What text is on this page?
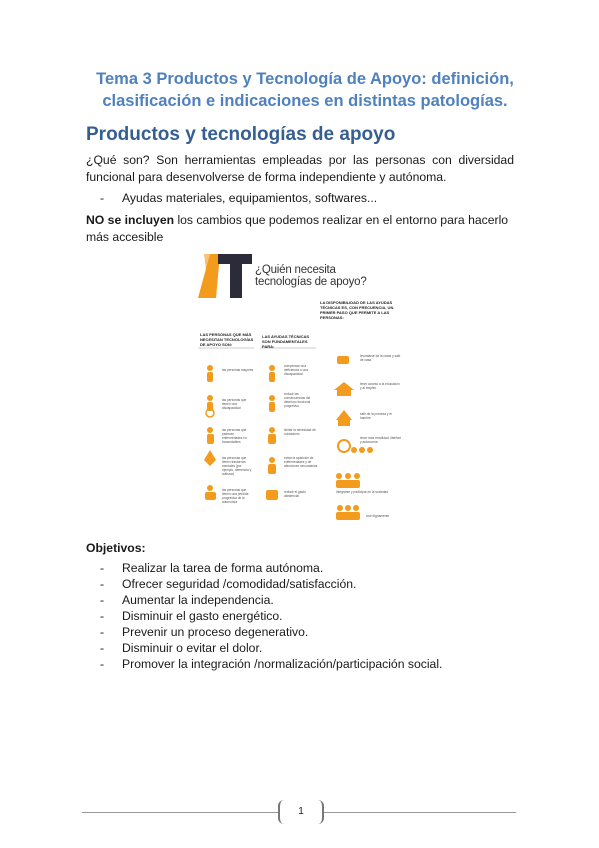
Tema 3 Productos y Tecnología de Apoyo: definición,
clasificación e indicaciones en distintas patologías.
Productos y tecnologías de apoyo
¿Qué son? Son herramientas empleadas por las personas con diversidad
funcional para desenvolverse de forma independiente y autónoma.
- Ayudas materiales, equipamientos, softwares...
NO se incluyen los cambios que podemos realizar en el entorno para hacerlo
más accesible
¿Quién necesita
tecnologías de apoyo?
LAS PERSONAS QUE MÁS NECESITAN TECNOLOGÍAS DE APOYO SON:
LAS AYUDAS TÉCNICAS SON FUNDAMENTALES PARA:
LA DISPONIBILIDAD DE LAS AYUDAS TÉCNICAS ES, CON FRECUENCIA, UN PRIMER PASO QUE PERMITE A LAS PERSONAS:
las personas mayores
las personas que tienen una discapacidad
las personas que padecen enfermedades no transmisibles
las personas que tienen trastornos mentales (por ejemplo, demencia y autismo)
las personas que tienen una pérdida progresiva de la autonomía
compensar una deficiencia o una discapacidad
reducir las consecuencias del deterioro funcional progresivo
limitar la necesidad de cuidadores
evitar la aparición de enfermedades y de afecciones secundarias
reducir el gasto asistencial
levantarse de la cama y salir de casa
tener acceso a la educación y al empleo
salir de la pobreza y el hambre
tener más movilidad, libertad y autonomía
integrarse y participar en la sociedad
vivir dignamente
Objetivos:
- Realizar la tarea de forma autónoma.
- Ofrecer seguridad /comodidad/satisfacción.
- Aumentar la independencia.
- Disminuir el gasto energético.
- Prevenir un proceso degenerativo.
- Disminuir o evitar el dolor.
- Promover la integración /normalización/participación social.
1
